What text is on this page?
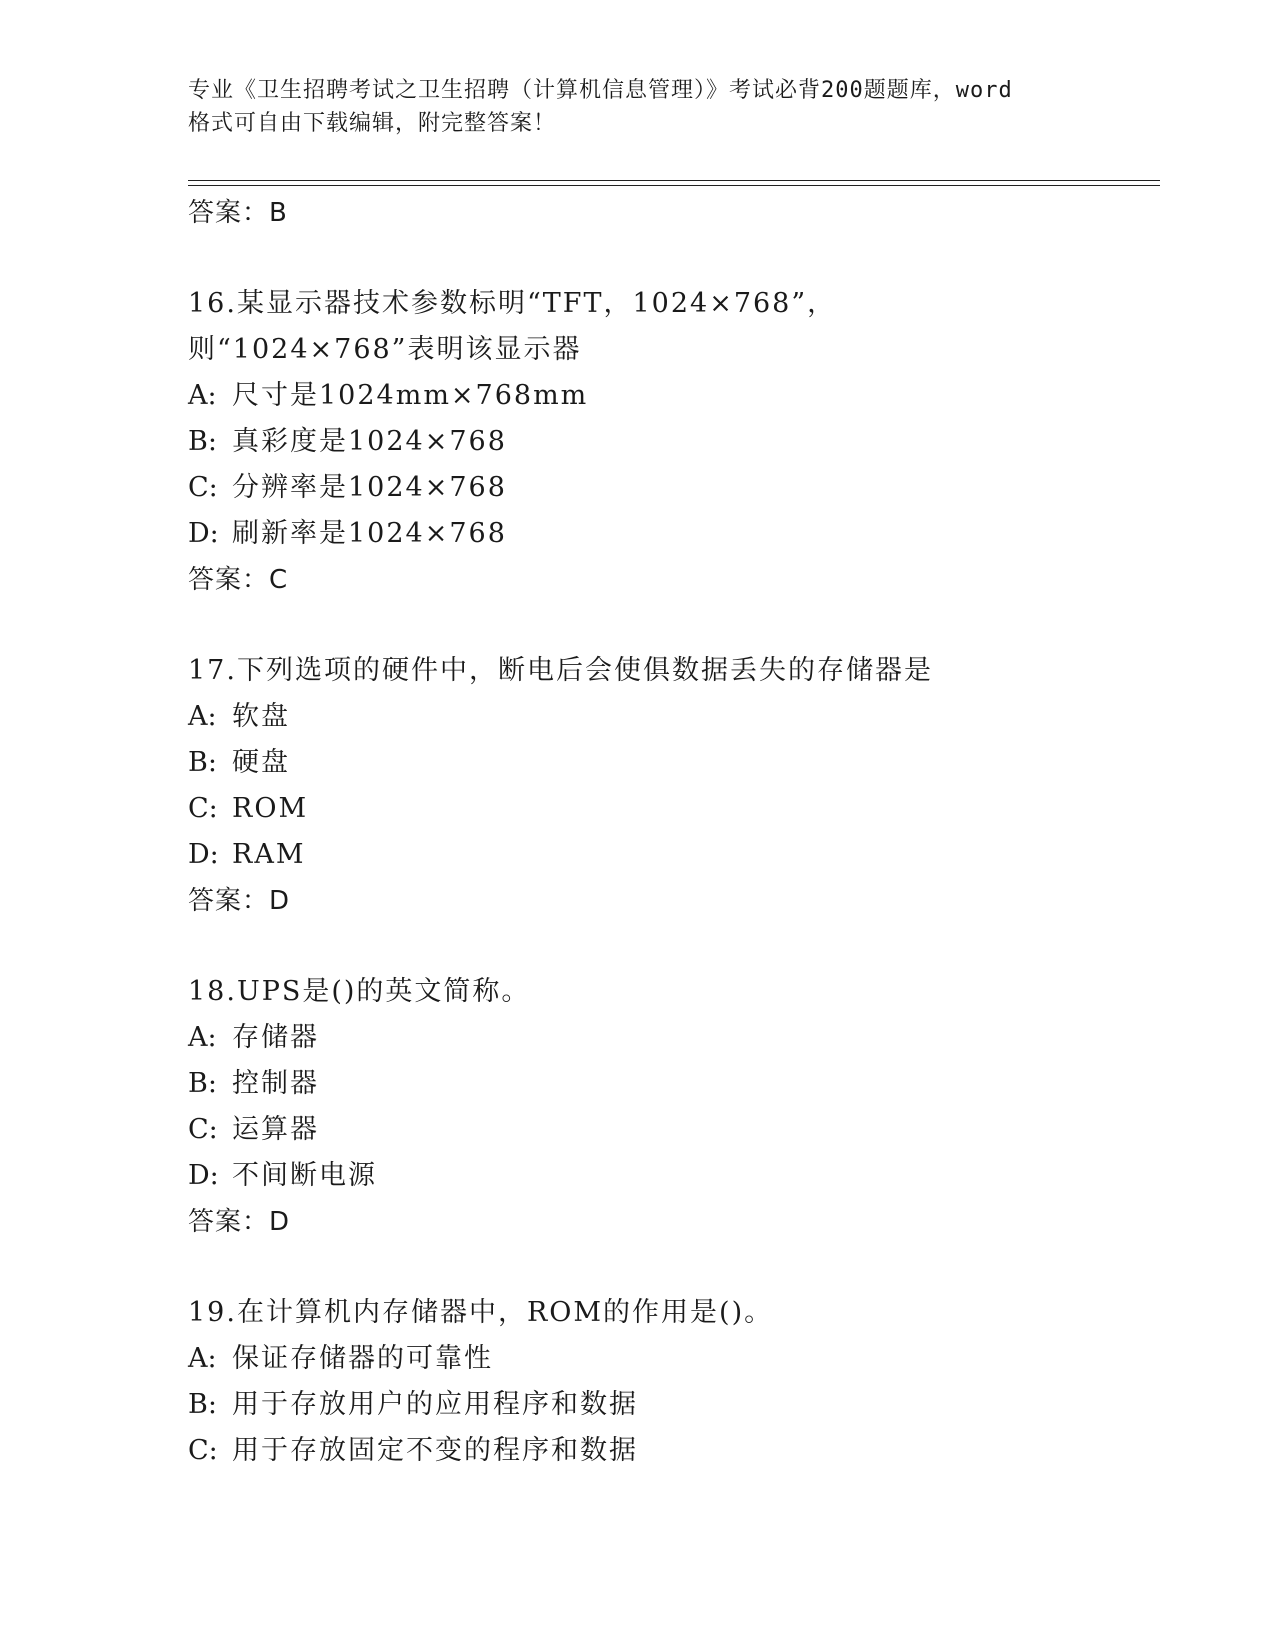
专业《卫生招聘考试之卫生招聘（计算机信息管理）》考试必背200题题库，word
格式可自由下载编辑，附完整答案！
答案：B
16.某显示器技术参数标明“TFT，1024×768”，则“1024×768”表明该显示器
A: 尺寸是1024mm×768mm
B: 真彩度是1024×768
C: 分辨率是1024×768
D: 刷新率是1024×768
答案：C
17.下列选项的硬件中，断电后会使俱数据丢失的存储器是
A: 软盘
B: 硬盘
C: ROM
D: RAM
答案：D
18.UPS是()的英文简称。
A: 存储器
B: 控制器
C: 运算器
D: 不间断电源
答案：D
19.在计算机内存储器中，ROM的作用是()。
A: 保证存储器的可靠性
B: 用于存放用户的应用程序和数据
C: 用于存放固定不变的程序和数据
